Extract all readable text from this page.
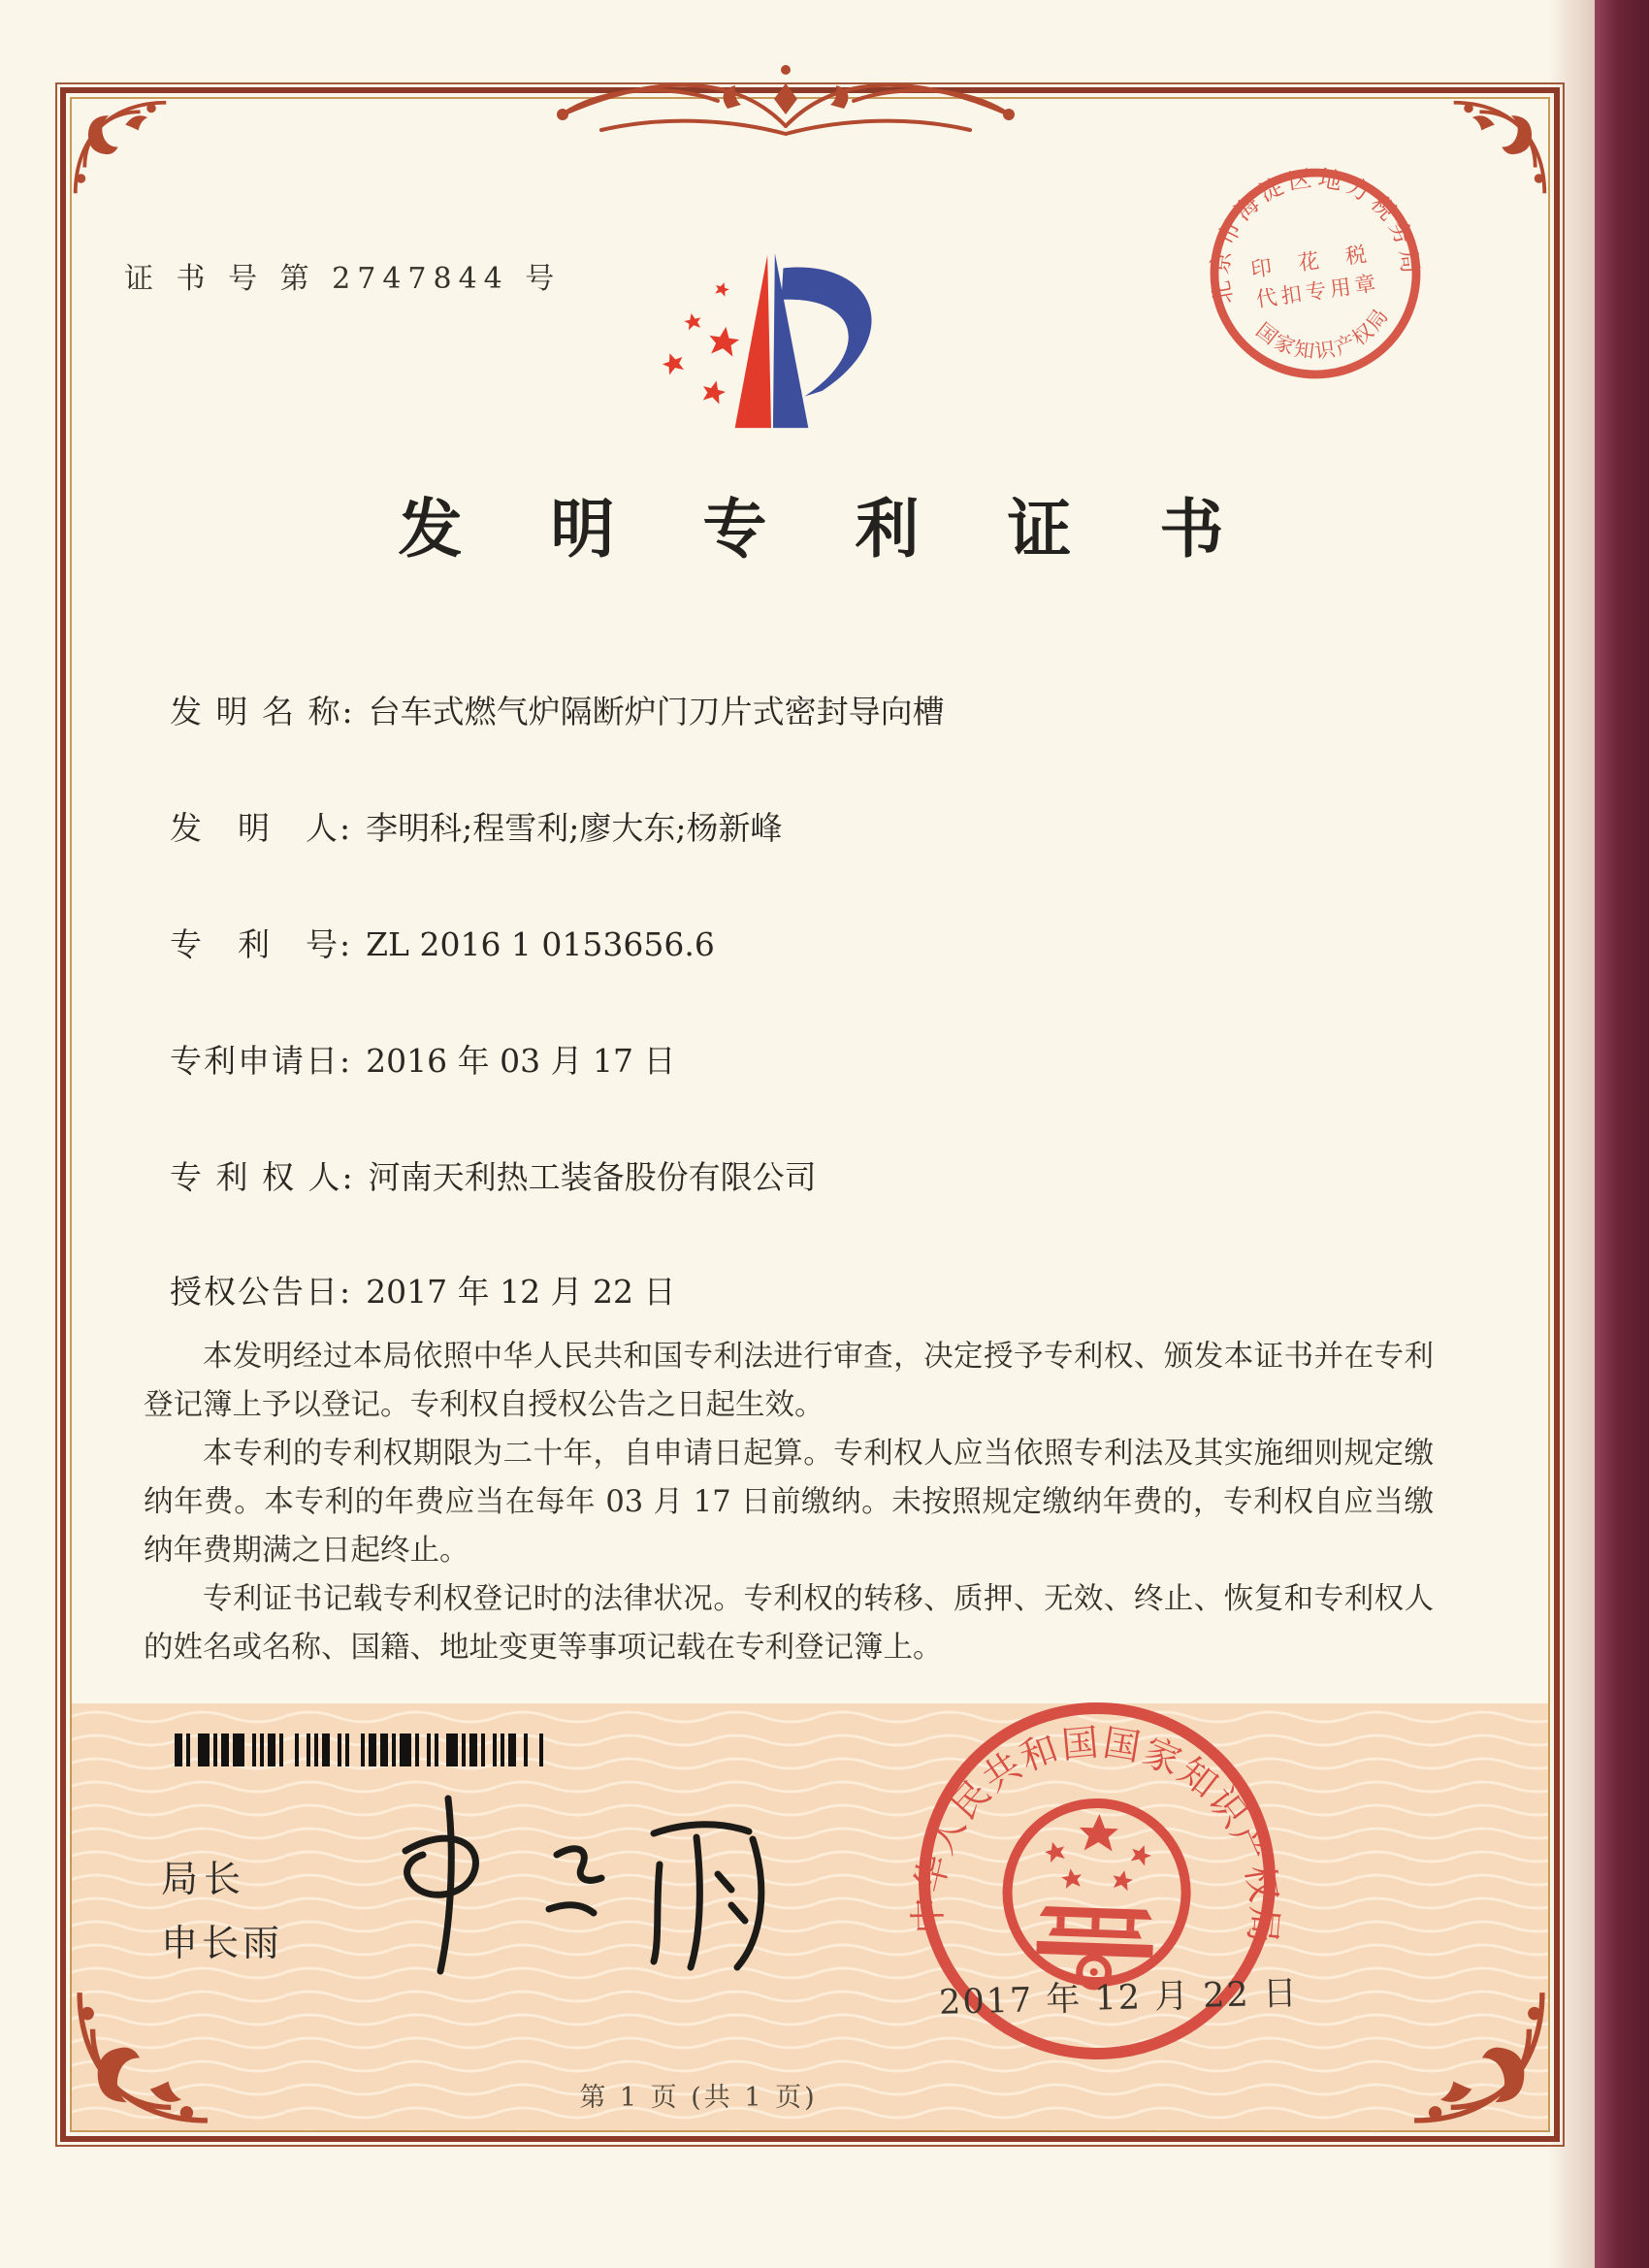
证 书 号 第 2747844 号	北京市海淀区地方税务局
国家知识产权局
印 花 税
代扣专用章
发 明 专 利 证 书
发 明 名 称: 台车式燃气炉隔断炉门刀片式密封导向槽
发　明　人: 李明科;程雪利;廖大东;杨新峰
专　利　号: ZL 2016 1 0153656.6
专利申请日: 2016 年 03 月 17 日
专 利 权 人: 河南天利热工装备股份有限公司
授权公告日: 2017 年 12 月 22 日

本发明经过本局依照中华人民共和国专利法进行审查，决定授予专利权、颁发本证书并在专利登记簿上予以登记。专利权自授权公告之日起生效。

本专利的专利权期限为二十年，自申请日起算。专利权人应当依照专利法及其实施细则规定缴纳年费。本专利的年费应当在每年 03 月 17 日前缴纳。未按照规定缴纳年费的，专利权自应当缴纳年费期满之日起终止。

专利证书记载专利权登记时的法律状况。专利权的转移、质押、无效、终止、恢复和专利权人的姓名或名称、国籍、地址变更等事项记载在专利登记簿上。

局长
申长雨
中华人民共和国国家知识产权局
2017 年 12 月 22 日
第 1 页 (共 1 页)
